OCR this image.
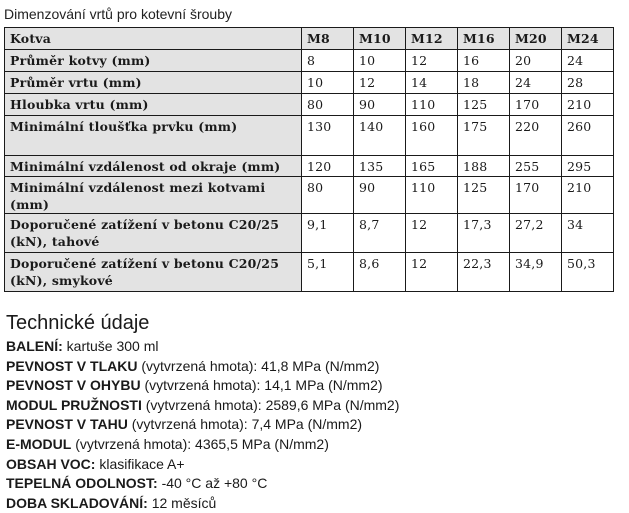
Dimenzování vrtů pro kotevní šrouby
Kotva	M8	M10	M12	M16	M20	M24
Průměr kotvy (mm)	8	10	12	16	20	24
Průměr vrtu (mm)	10	12	14	18	24	28
Hloubka vrtu (mm)	80	90	110	125	170	210
Minimální tloušťka prvku (mm)	130	140	160	175	220	260
Minimální vzdálenost od okraje (mm)	120	135	165	188	255	295
Minimální vzdálenost mezi kotvami (mm)	80	90	110	125	170	210
Doporučené zatížení v betonu C20/25 (kN), tahové	9,1	8,7	12	17,3	27,2	34
Doporučené zatížení v betonu C20/25 (kN), smykové	5,1	8,6	12	22,3	34,9	50,3
Technické údaje
BALENÍ: kartuše 300 ml
PEVNOST V TLAKU (vytvrzená hmota): 41,8 MPa (N/mm2)
PEVNOST V OHYBU (vytvrzená hmota): 14,1 MPa (N/mm2)
MODUL PRUŽNOSTI (vytvrzená hmota): 2589,6 MPa (N/mm2)
PEVNOST V TAHU (vytvrzená hmota): 7,4 MPa (N/mm2)
E-MODUL (vytvrzená hmota): 4365,5 MPa (N/mm2)
OBSAH VOC: klasifikace A+
TEPELNÁ ODOLNOST: -40 °C až +80 °C
DOBA SKLADOVÁNÍ: 12 měsíců
